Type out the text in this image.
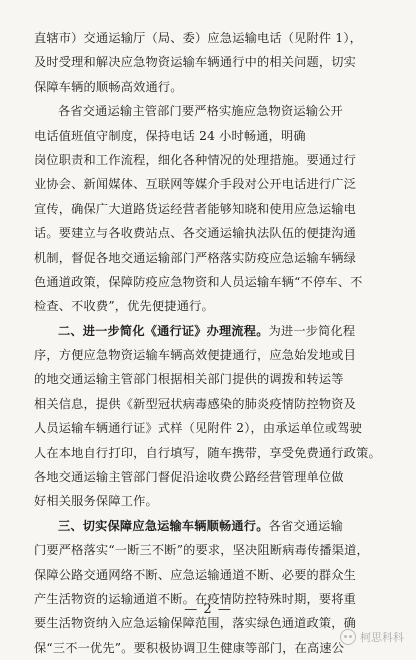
直辖市）交通运输厅（局、委）应急运输电话（见附件 1），
及时受理和解决应急物资运输车辆通行中的相关问题，切实
保障车辆的顺畅高效通行。
各省交通运输主管部门要严格实施应急物资运输公开
电话值班值守制度，保持电话 24 小时畅通，明确
岗位职责和工作流程，细化各种情况的处理措施。要通过行
业协会、新闻媒体、互联网等媒介手段对公开电话进行广泛
宣传，确保广大道路货运经营者能够知晓和使用应急运输电
话。要建立与各收费站点、各交通运输执法队伍的便捷沟通
机制，督促各地交通运输部门严格落实防疫应急运输车辆绿
色通道政策，保障防疫应急物资和人员运输车辆“不停车、不
检查、不收费”，优先便捷通行。
二、进一步简化《通行证》办理流程。为进一步简化程
序，方便应急物资运输车辆高效便捷通行，应急始发地或目
的地交通运输主管部门根据相关部门提供的调拨和转运等
相关信息，提供《新型冠状病毒感染的肺炎疫情防控物资及
人员运输车辆通行证》式样（见附件 2），由承运单位或驾驶
人在本地自行打印，自行填写，随车携带，享受免费通行政策。
各地交通运输主管部门督促沿途收费公路经营管理单位做
好相关服务保障工作。
三、切实保障应急运输车辆顺畅通行。各省交通运输
门要严格落实“一断三不断”的要求，坚决阻断病毒传播渠道，
保障公路交通网络不断、应急运输通道不断、必要的群众生
产生活物资的运输通道不断。在疫情防控特殊时期，要将重
要生活物资纳入应急运输保障范围，落实绿色通道政策，确
保“三不一优先”。要积极协调卫生健康等部门，在高速公
— 2 —
柯思科科
